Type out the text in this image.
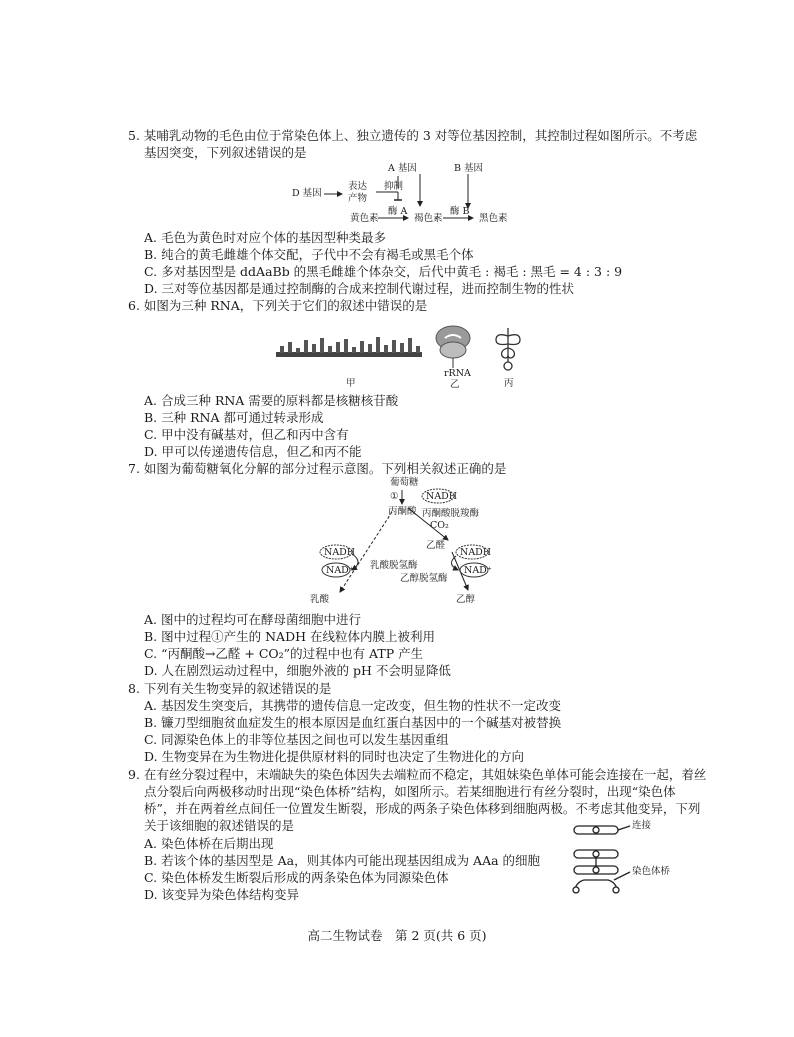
5. 某哺乳动物的毛色由位于常染色体上、独立遗传的 3 对等位基因控制，其控制过程如图所示。不考虑
基因突变，下列叙述错误的是
A 基因	B 基因
D 基因
表达
产物
抑制
黄色素
酶 A
褐色素
酶 B
黑色素
A. 毛色为黄色时对应个体的基因型种类最多
B. 纯合的黄毛雌雄个体交配，子代中不会有褐毛或黑毛个体
C. 多对基因型是 ddAaBb 的黑毛雌雄个体杂交，后代中黄毛 : 褐毛 : 黑毛 = 4 : 3 : 9
D. 三对等位基因都是通过控制酶的合成来控制代谢过程，进而控制生物的性状
6. 如图为三种 RNA，下列关于它们的叙述中错误的是
甲
rRNA
乙	丙
A. 合成三种 RNA 需要的原料都是核糖核苷酸
B. 三种 RNA 都可通过转录形成
C. 甲中没有碱基对，但乙和丙中含有
D. 甲可以传递遗传信息，但乙和丙不能
7. 如图为葡萄糖氧化分解的部分过程示意图。下列相关叙述正确的是
葡萄糖
①	NADH
丙酮酸 丙酮酸脱羧酶
CO₂
乙醛
NADH
NAD⁺
NADH
NAD⁺
乳酸脱氢酶
乙醇脱氢酶
乳酸	乙醇
A. 图中的过程均可在酵母菌细胞中进行
B. 图中过程①产生的 NADH 在线粒体内膜上被利用
C. “丙酮酸→乙醛 + CO₂”的过程中也有 ATP 产生
D. 人在剧烈运动过程中，细胞外液的 pH 不会明显降低
8. 下列有关生物变异的叙述错误的是
A. 基因发生突变后，其携带的遗传信息一定改变，但生物的性状不一定改变
B. 镰刀型细胞贫血症发生的根本原因是血红蛋白基因中的一个碱基对被替换
C. 同源染色体上的非等位基因之间也可以发生基因重组
D. 生物变异在为生物进化提供原材料的同时也决定了生物进化的方向
9. 在有丝分裂过程中，末端缺失的染色体因失去端粒而不稳定，其姐妹染色单体可能会连接在一起，着丝
点分裂后向两极移动时出现“染色体桥”结构，如图所示。若某细胞进行有丝分裂时，出现“染色体
桥”，并在两着丝点间任一位置发生断裂，形成的两条子染色体移到细胞两极。不考虑其他变异，下列
关于该细胞的叙述错误的是	连接
染色体桥
A. 染色体桥在后期出现
B. 若该个体的基因型是 Aa，则其体内可能出现基因组成为 AAa 的细胞
C. 染色体桥发生断裂后形成的两条染色体为同源染色体
D. 该变异为染色体结构变异
高二生物试卷　第 2 页(共 6 页)
